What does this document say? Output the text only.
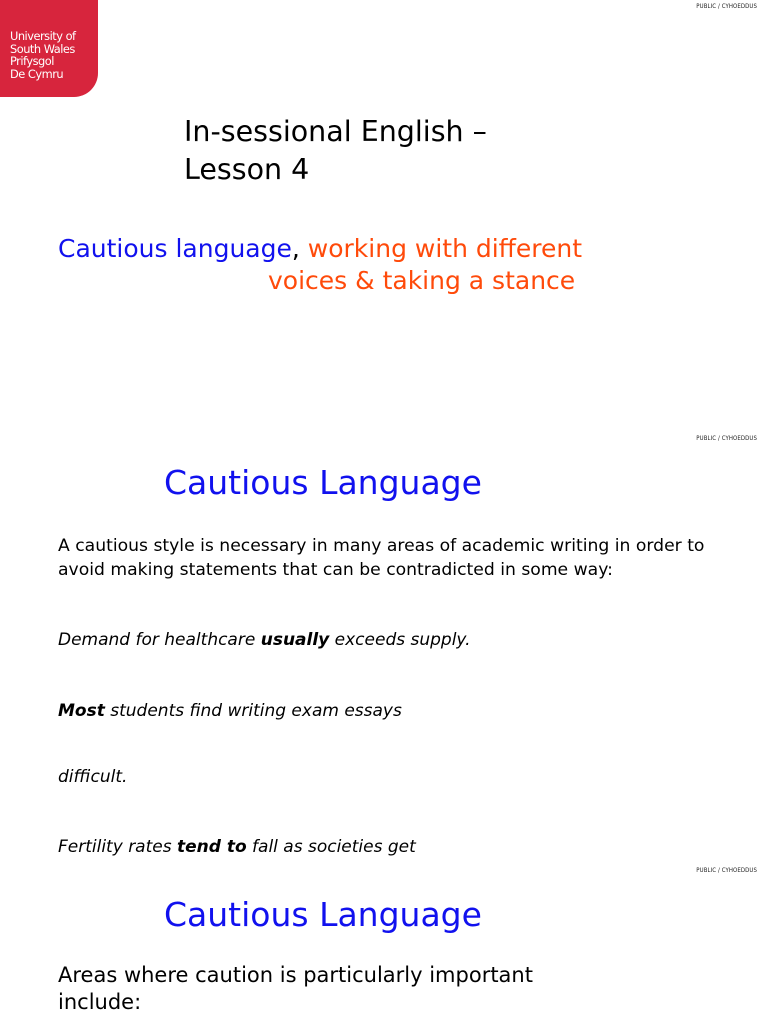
PUBLIC / CYHOEDDUS
University of
South Wales
Prifysgol
De Cymru
In-sessional English –
Lesson 4
Cautious language, working with different
voices & taking a stance
PUBLIC / CYHOEDDUS
Cautious Language
A cautious style is necessary in many areas of academic writing in order to avoid making statements that can be contradicted in some way:
Demand for healthcare usually exceeds supply.
Most students find writing exam essays
difficult.
Fertility rates tend to fall as societies get
PUBLIC / CYHOEDDUS
Cautious Language
Areas where caution is particularly important include:
